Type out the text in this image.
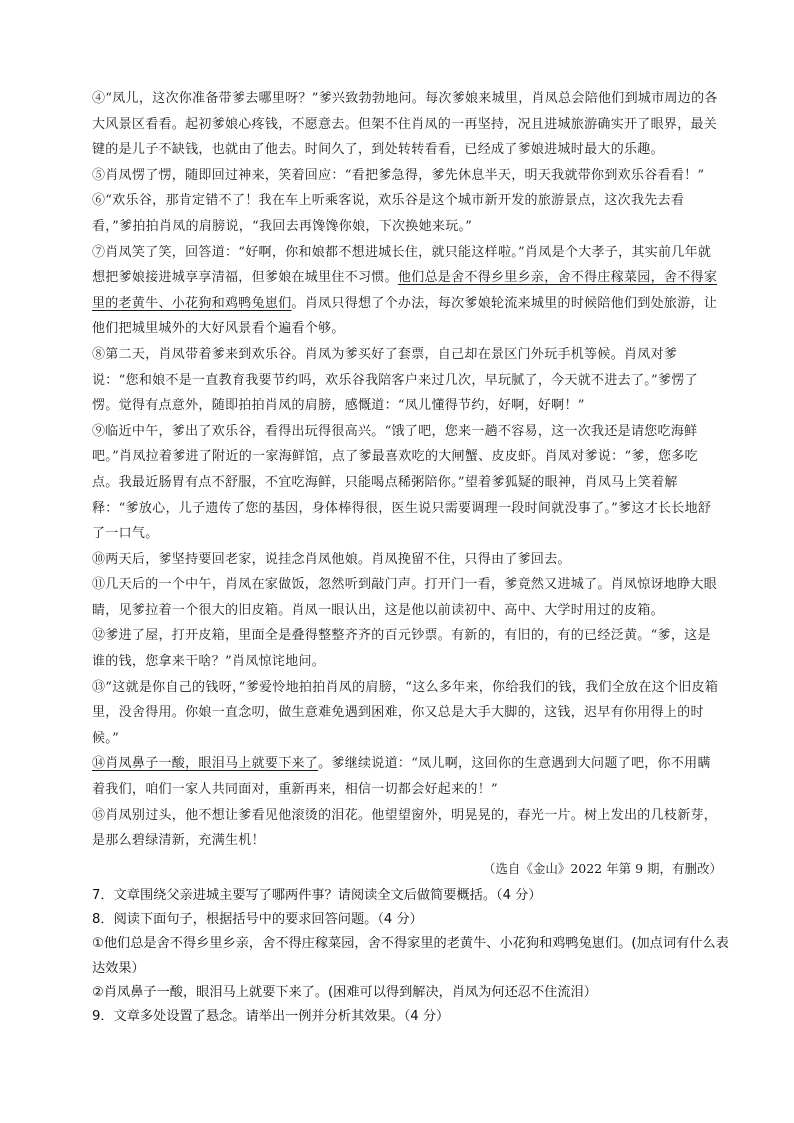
④“凤儿，这次你准备带爹去哪里呀？”爹兴致勃勃地问。每次爹娘来城里，肖凤总会陪他们到城市周边的各大风景区看看。起初爹娘心疼钱，不愿意去。但架不住肖凤的一再坚持，况且进城旅游确实开了眼界，最关键的是儿子不缺钱，也就由了他去。时间久了，到处转转看看，已经成了爹娘进城时最大的乐趣。

⑤肖凤愣了愣，随即回过神来，笑着回应：“看把爹急得，爹先休息半天，明天我就带你到欢乐谷看看！”

⑥“欢乐谷，那肯定错不了！我在车上听乘客说，欢乐谷是这个城市新开发的旅游景点，这次我先去看看，”爹拍拍肖凤的肩膀说，“我回去再馋馋你娘，下次换她来玩。”

⑦肖凤笑了笑，回答道：“好啊，你和娘都不想进城长住，就只能这样啦。”肖凤是个大孝子，其实前几年就想把爹娘接进城享享清福，但爹娘在城里住不习惯。他们总是舍不得乡里乡亲，舍不得庄稼菜园，舍不得家里的老黄牛、小花狗和鸡鸭兔崽们。肖凤只得想了个办法，每次爹娘轮流来城里的时候陪他们到处旅游，让他们把城里城外的大好风景看个遍看个够。

⑧第二天，肖凤带着爹来到欢乐谷。肖凤为爹买好了套票，自己却在景区门外玩手机等候。肖凤对爹说：“您和娘不是一直教育我要节约吗，欢乐谷我陪客户来过几次，早玩腻了，今天就不进去了。”爹愣了愣。觉得有点意外，随即拍拍肖凤的肩膀，感慨道：“凤儿懂得节约，好啊，好啊！”

⑨临近中午，爹出了欢乐谷，看得出玩得很高兴。“饿了吧，您来一趟不容易，这一次我还是请您吃海鲜吧。”肖凤拉着爹进了附近的一家海鲜馆，点了爹最喜欢吃的大闸蟹、皮皮虾。肖凤对爹说：“爹，您多吃点。我最近肠胃有点不舒服，不宜吃海鲜，只能喝点稀粥陪你。”望着爹狐疑的眼神，肖凤马上笑着解释：“爹放心，儿子遗传了您的基因，身体棒得很，医生说只需要调理一段时间就没事了。”爹这才长长地舒了一口气。

⑩两天后，爹坚持要回老家，说挂念肖凤他娘。肖凤挽留不住，只得由了爹回去。

⑪几天后的一个中午，肖凤在家做饭，忽然听到敲门声。打开门一看，爹竟然又进城了。肖凤惊讶地睁大眼睛，见爹拉着一个很大的旧皮箱。肖凤一眼认出，这是他以前读初中、高中、大学时用过的皮箱。

⑫爹进了屋，打开皮箱，里面全是叠得整整齐齐的百元钞票。有新的，有旧的，有的已经泛黄。“爹，这是谁的钱，您拿来干啥？”肖凤惊诧地问。

⑬“这就是你自己的钱呀，”爹爱怜地拍拍肖凤的肩膀，“这么多年来，你给我们的钱，我们全放在这个旧皮箱里，没舍得用。你娘一直念叨，做生意难免遇到困难，你又总是大手大脚的，这钱，迟早有你用得上的时候。”

⑭肖凤鼻子一酸，眼泪马上就要下来了。爹继续说道：“凤儿啊，这回你的生意遇到大问题了吧，你不用瞒着我们，咱们一家人共同面对，重新再来，相信一切都会好起来的！”

⑮肖凤别过头，他不想让爹看见他滚烫的泪花。他望望窗外，明晃晃的，春光一片。树上发出的几枝新芽，是那么碧绿清新，充满生机！

（选自《金山》2022 年第 9 期，有删改）

7．文章围绕父亲进城主要写了哪两件事？请阅读全文后做简要概括。（4 分）

8．阅读下面句子，根据括号中的要求回答问题。（4 分）

①他们总是舍不得乡里乡亲，舍不得庄稼菜园，舍不得家里的老黄牛、小花狗和鸡鸭兔崽们。(加点词有什么表达效果）

②肖凤鼻子一酸，眼泪马上就要下来了。(困难可以得到解决，肖凤为何还忍不住流泪）

9．文章多处设置了悬念。请举出一例并分析其效果。（4 分）
